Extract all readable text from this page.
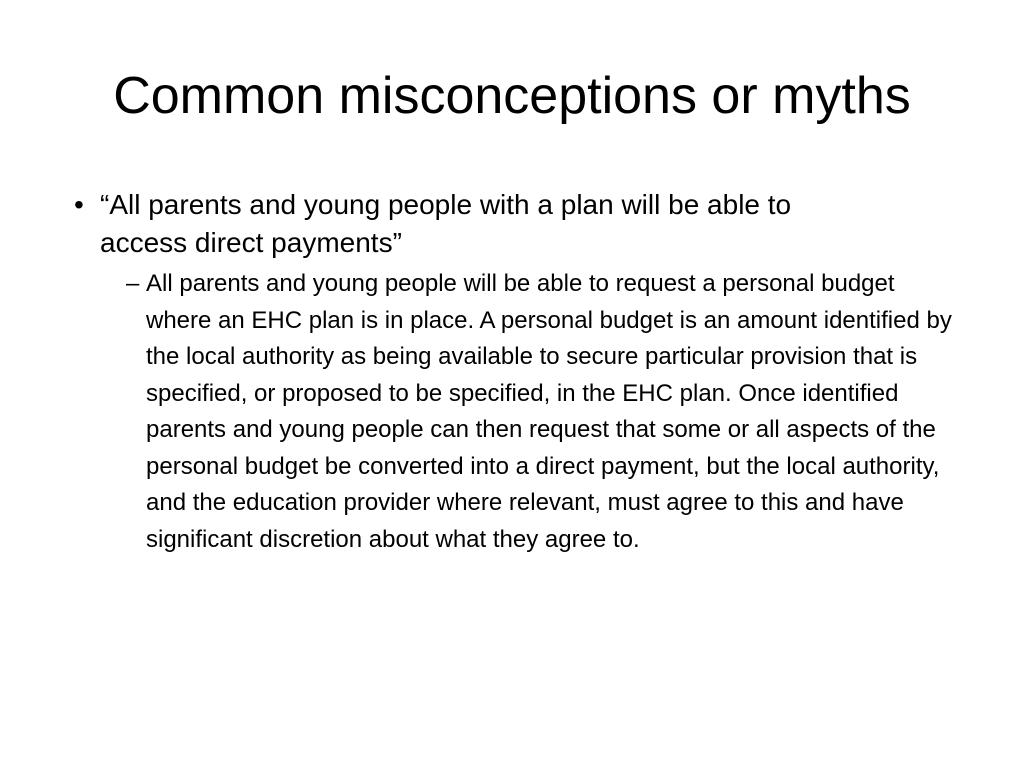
Common misconceptions or myths
• “All parents and young people with a plan will be able to access direct payments”
– All parents and young people will be able to request a personal budget where an EHC plan is in place. A personal budget is an amount identified by the local authority as being available to secure particular provision that is specified, or proposed to be specified, in the EHC plan. Once identified parents and young people can then request that some or all aspects of the personal budget be converted into a direct payment, but the local authority, and the education provider where relevant, must agree to this and have significant discretion about what they agree to.
